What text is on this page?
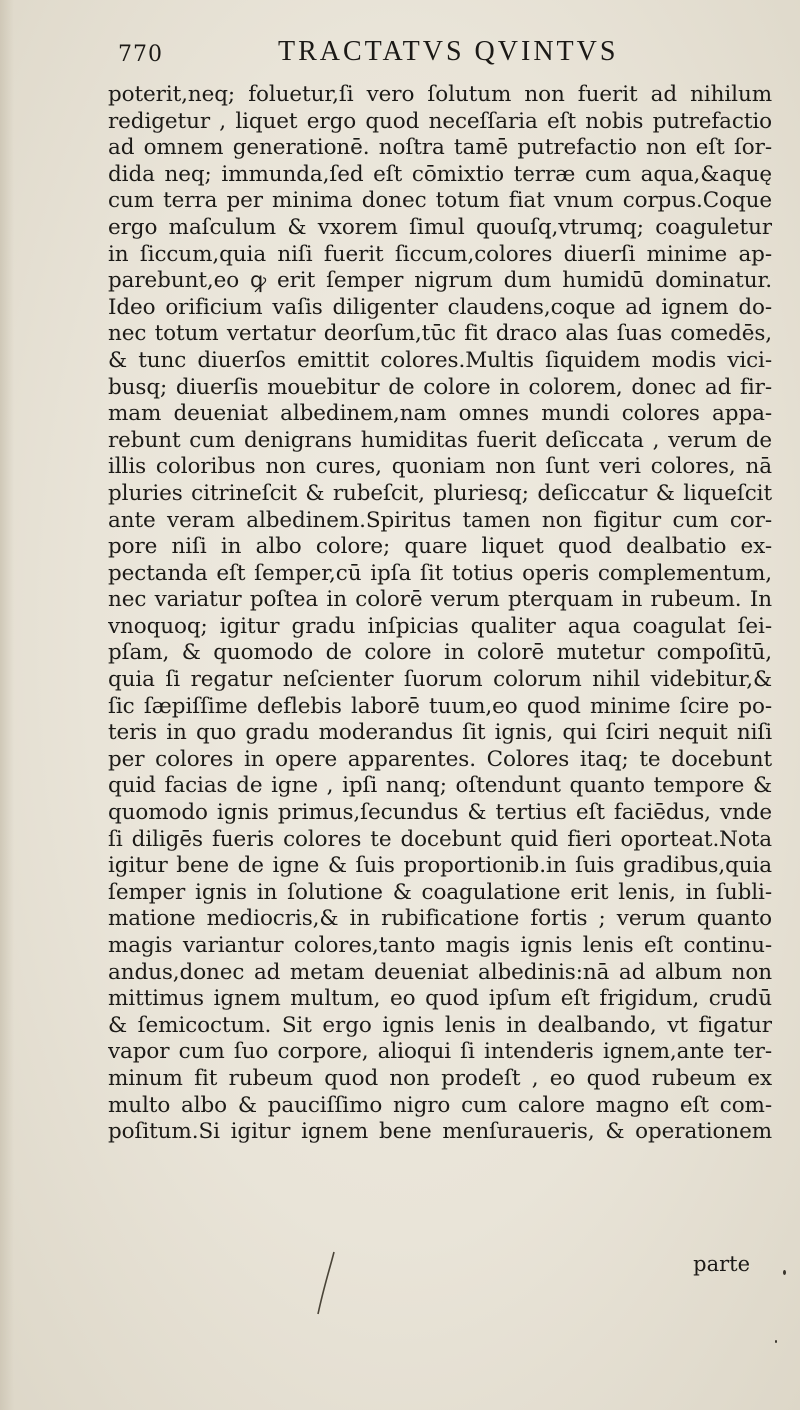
770	TRACTATVS QVINTVS
poterit,neq; foluetur,ſi vero ſolutum non fuerit ad nihilum
redigetur , liquet ergo quod neceſſaria eſt nobis putrefactio
ad omnem generationē. noſtra tamē putrefactio non eſt ſor-
dida neq; immunda,ſed eſt cōmixtio terræ cum aqua,&aquę
cum terra per minima donec totum fiat vnum corpus.Coque
ergo maſculum & vxorem ſimul quouſq,vtrumq; coaguletur
in ſiccum,quia niſi fuerit ſiccum,colores diuerſi minime ap-
parebunt,eo ꝙ erit ſemper nigrum dum humidū dominatur.
Ideo orificium vaſis diligenter claudens,coque ad ignem do-
nec totum vertatur deorſum,tūc fit draco alas ſuas comedēs,
& tunc diuerſos emittit colores.Multis ſiquidem modis vici-
busq; diuerſis mouebitur de colore in colorem, donec ad fir-
mam deueniat albedinem,nam omnes mundi colores appa-
rebunt cum denigrans humiditas fuerit deſiccata , verum de
illis coloribus non cures, quoniam non ſunt veri colores, nā
pluries citrineſcit & rubeſcit, pluriesq; deſiccatur & liqueſcit
ante veram albedinem.Spiritus tamen non figitur cum cor-
pore niſi in albo colore; quare liquet quod dealbatio ex-
pectanda eſt ſemper,cū ipſa ſit totius operis complementum,
nec variatur poſtea in colorē verum pterquam in rubeum. In
vnoquoq; igitur gradu inſpicias qualiter aqua coagulat ſei-
pſam, & quomodo de colore in colorē mutetur compoſitū,
quia ſi regatur neſcienter ſuorum colorum nihil videbitur,&
ſic ſæpiſſime deflebis laborē tuum,eo quod minime ſcire po-
teris in quo gradu moderandus ſit ignis, qui ſciri nequit niſi
per colores in opere apparentes. Colores itaq; te docebunt
quid facias de igne , ipſi nanq; oſtendunt quanto tempore &
quomodo ignis primus,ſecundus & tertius eſt faciēdus, vnde
ſi diligēs fueris colores te docebunt quid fieri oporteat.Nota
igitur bene de igne & ſuis proportionib.in ſuis gradibus,quia
ſemper ignis in ſolutione & coagulatione erit lenis, in ſubli-
matione mediocris,& in rubificatione fortis ; verum quanto
magis variantur colores,tanto magis ignis lenis eſt continu-
andus,donec ad metam deueniat albedinis:nā ad album non
mittimus ignem multum, eo quod ipſum eſt frigidum, crudū
& ſemicoctum. Sit ergo ignis lenis in dealbando, vt figatur
vapor cum ſuo corpore, alioqui ſi intenderis ignem,ante ter-
minum fit rubeum quod non prodeſt , eo quod rubeum ex
multo albo & pauciſſimo nigro cum calore magno eſt com-
poſitum.Si igitur ignem bene menſuraueris, & operationem
parte
